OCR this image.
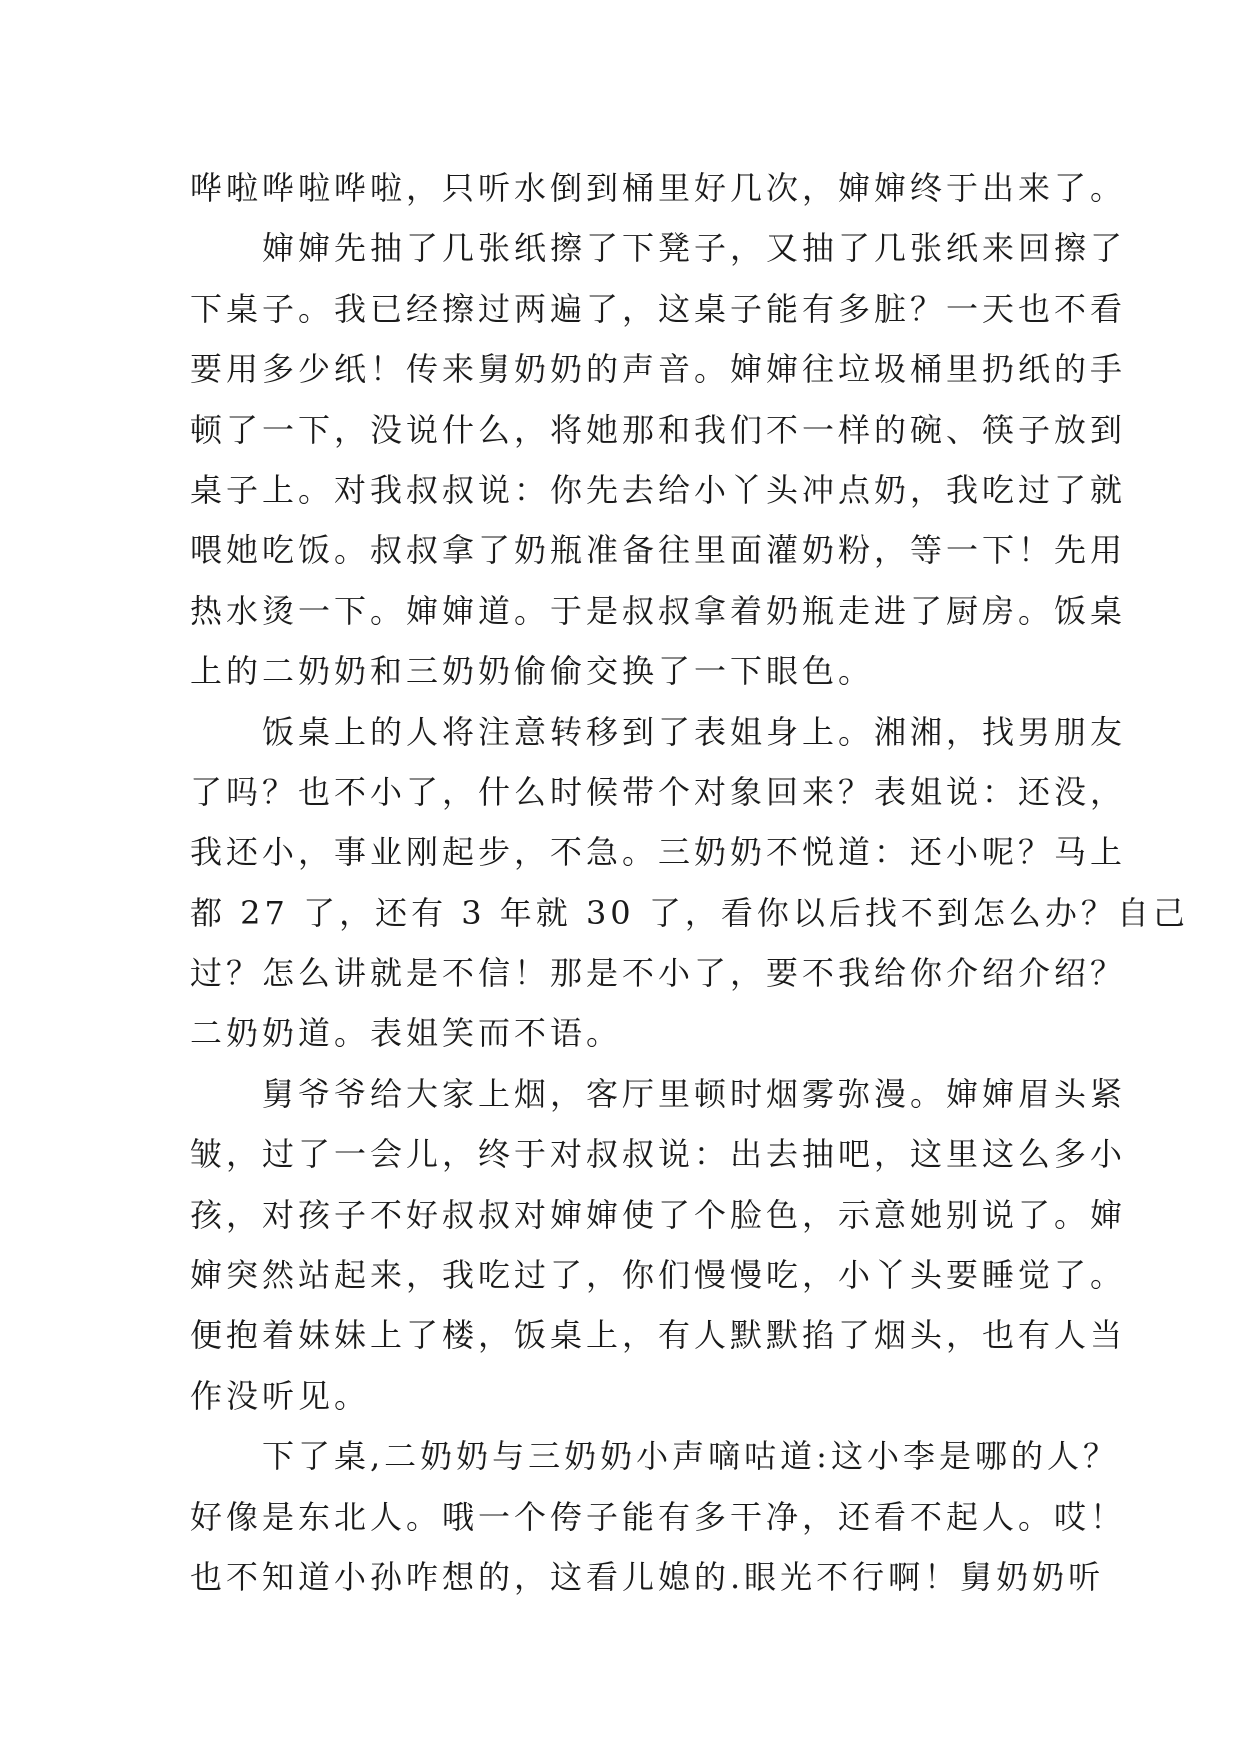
哗啦哗啦哗啦，只听水倒到桶里好几次，婶婶终于出来了。
婶婶先抽了几张纸擦了下凳子，又抽了几张纸来回擦了
下桌子。我已经擦过两遍了，这桌子能有多脏？一天也不看
要用多少纸！传来舅奶奶的声音。婶婶往垃圾桶里扔纸的手
顿了一下，没说什么，将她那和我们不一样的碗、筷子放到
桌子上。对我叔叔说：你先去给小丫头冲点奶，我吃过了就
喂她吃饭。叔叔拿了奶瓶准备往里面灌奶粉，等一下！先用
热水烫一下。婶婶道。于是叔叔拿着奶瓶走进了厨房。饭桌
上的二奶奶和三奶奶偷偷交换了一下眼色。
饭桌上的人将注意转移到了表姐身上。湘湘，找男朋友
了吗？也不小了，什么时候带个对象回来？表姐说：还没，
我还小，事业刚起步，不急。三奶奶不悦道：还小呢？马上
都 27 了，还有 3 年就 30 了，看你以后找不到怎么办？自己
过？怎么讲就是不信！那是不小了，要不我给你介绍介绍？
二奶奶道。表姐笑而不语。
舅爷爷给大家上烟，客厅里顿时烟雾弥漫。婶婶眉头紧
皱，过了一会儿，终于对叔叔说：出去抽吧，这里这么多小
孩，对孩子不好叔叔对婶婶使了个脸色，示意她别说了。婶
婶突然站起来，我吃过了，你们慢慢吃，小丫头要睡觉了。
便抱着妹妹上了楼，饭桌上，有人默默掐了烟头，也有人当
作没听见。
下了桌,二奶奶与三奶奶小声嘀咕道:这小李是哪的人？
好像是东北人。哦一个侉子能有多干净，还看不起人。哎！
也不知道小孙咋想的，这看儿媳的.眼光不行啊！舅奶奶听
